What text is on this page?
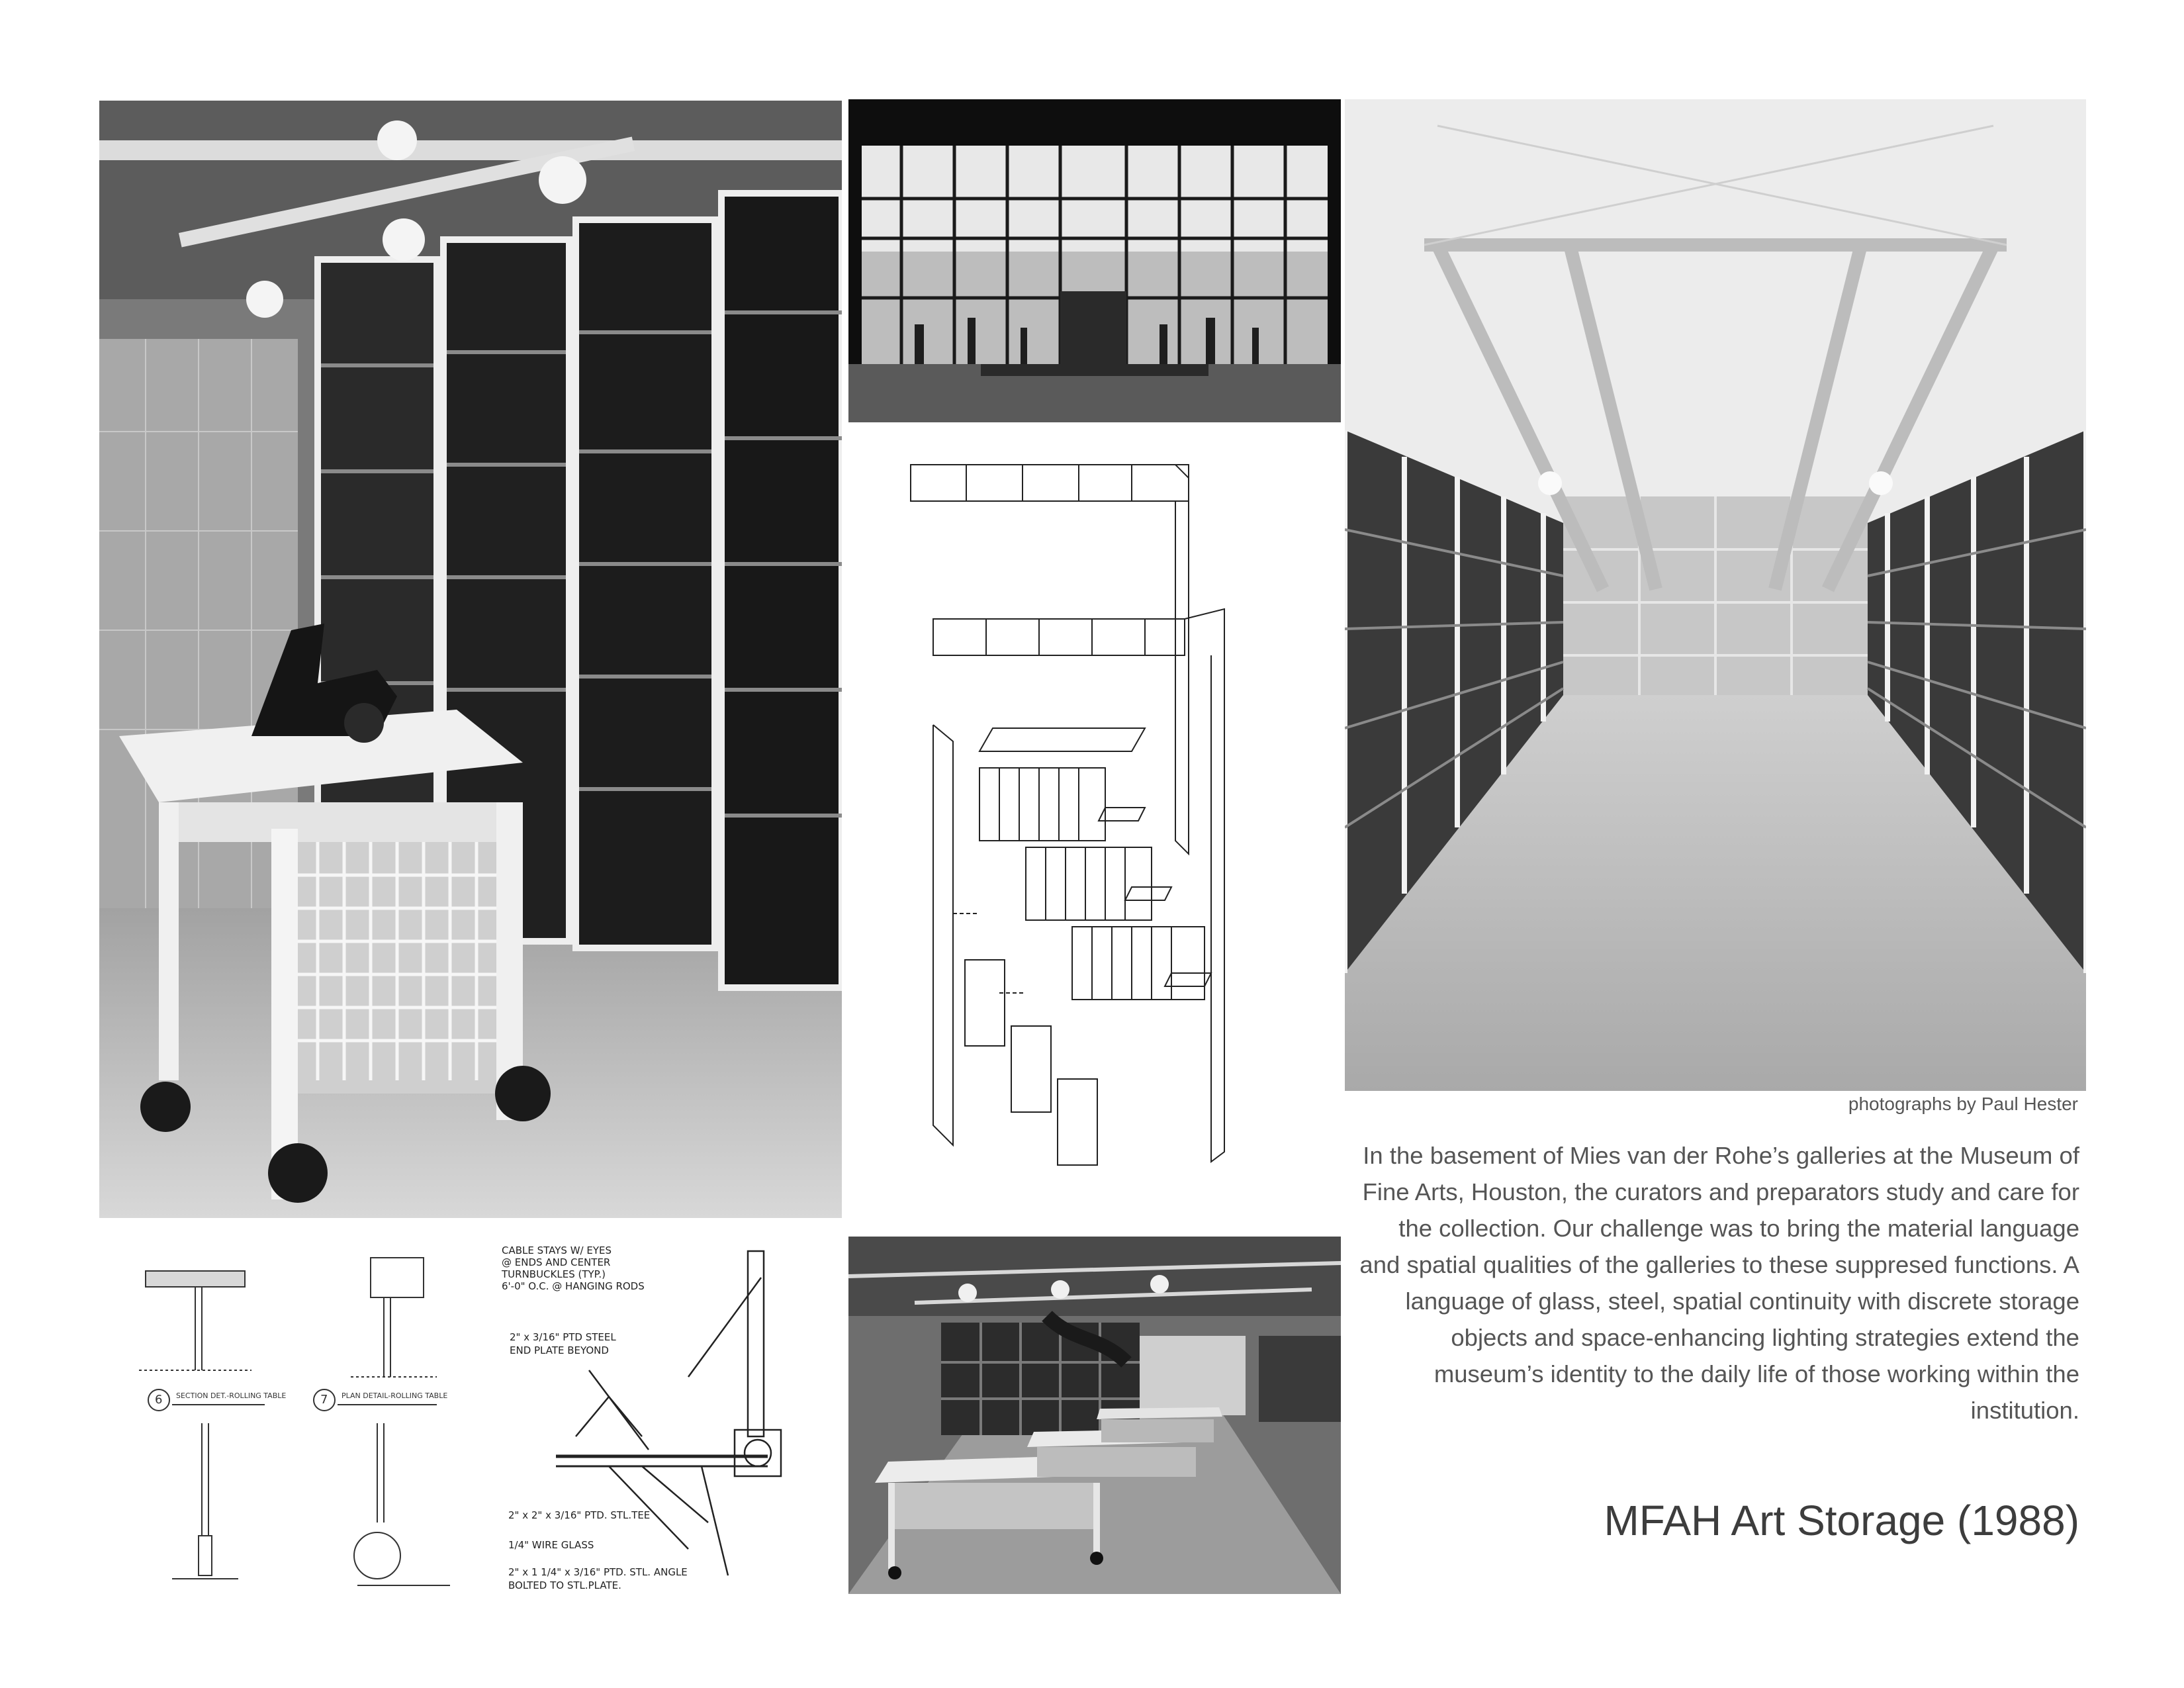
6 SECTION DET.-ROLLING TABLE	7 PLAN DETAIL-ROLLING TABLE
CABLE STAYS W/ EYES
@ ENDS AND CENTER
TURNBUCKLES (TYP.)
6'-0" O.C. @ HANGING RODS
2" x 3/16" PTD STEEL
END PLATE BEYOND
2" x 2" x 3/16" PTD. STL.TEE
1/4" WIRE GLASS
2" x 1 1/4" x 3/16" PTD. STL. ANGLE
BOLTED TO STL.PLATE.
photographs by Paul Hester

In the basement of Mies van der Rohe’s galleries at the Museum of Fine Arts, Houston, the curators and preparators study and care for the collection. Our challenge was to bring the material language and spatial qualities of the galleries to these suppresed functions. A language of glass, steel, spatial continuity with discrete storage objects and space-enhancing lighting strategies extend the museum’s identity to the daily life of those working within the institution.

MFAH Art Storage (1988)
